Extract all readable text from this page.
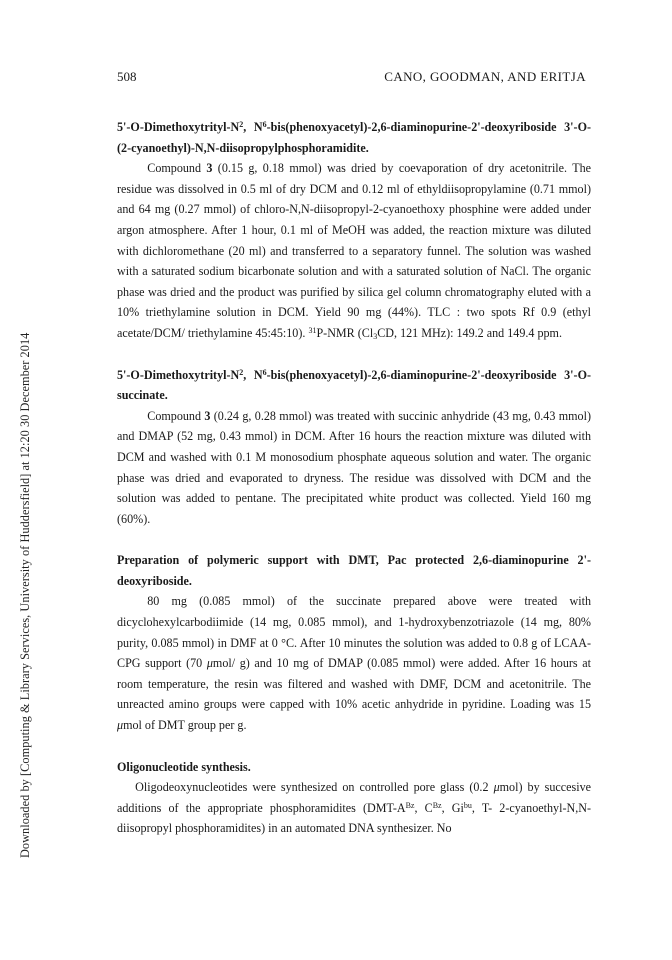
Downloaded by [Computing & Library Services, University of Huddersfield] at 12:20 30 December 2014
508	CANO, GOODMAN, AND ERITJA

$5'-O-Dimethoxytrityl-N^2$, $N^6-bis(phenoxyacetyl)-2,6-diaminopurine-2'$-deoxyriboside 3'-O-(2-cyanoethyl)-N,N-diisopropylphosphoramidite.

Compound 3 (0.15 g, 0.18 mmol) was dried by coevaporation of dry acetonitrile. The residue was dissolved in 0.5 ml of dry DCM and 0.12 ml of ethyldiisopropylamine (0.71 mmol) and 64 mg (0.27 mmol) of chloro-N,N-diisopropyl-2-cyanoethoxy phosphine were added under argon atmosphere. After 1 hour, 0.1 ml of MeOH was added, the reaction mixture was diluted with dichloromethane (20 ml) and transferred to a separatory funnel. The solution was washed with a saturated sodium bicarbonate solution and with a saturated solution of NaCl. The organic phase was dried and the product was purified by silica gel column chromatography eluted with a 10% triethylamine solution in DCM. Yield 90 mg (44%). TLC : two spots Rf 0.9 (ethyl acetate/DCM/ triethylamine 45:45:10). $^{31}$P-NMR ($Cl_3CD$, 121 MHz): 149.2 and 149.4 ppm.

$5'-O-Dimethoxytrityl-N^2$, $N^6-bis(phenoxyacetyl)-2,6-diaminopurine-2'$-deoxyriboside 3'-O-succinate.

Compound 3 (0.24 g, 0.28 mmol) was treated with succinic anhydride (43 mg, 0.43 mmol) and DMAP (52 mg, 0.43 mmol) in DCM. After 16 hours the reaction mixture was diluted with DCM and washed with 0.1 M monosodium phosphate aqueous solution and water. The organic phase was dried and evaporated to dryness. The residue was dissolved with DCM and the solution was added to pentane. The precipitated white product was collected. Yield 160 mg (60%).

Preparation of polymeric support with DMT, Pac protected 2,6-diaminopurine 2'-deoxyriboside.

80 mg (0.085 mmol) of the succinate prepared above were treated with dicyclohexylcarbodiimide (14 mg, 0.085 mmol), and 1-hydroxybenzotriazole (14 mg, 80% purity, 0.085 mmol) in DMF at 0 °C. After 10 minutes the solution was added to 0.8 g of LCAA-CPG support (70 μmol/ g) and 10 mg of DMAP (0.085 mmol) were added. After 16 hours at room temperature, the resin was filtered and washed with DMF, DCM and acetonitrile. The unreacted amino groups were capped with 10% acetic anhydride in pyridine. Loading was 15 μmol of DMT group per g.

Oligonucleotide synthesis.

Oligodeoxynucleotides were synthesized on controlled pore glass (0.2 μmol) by succesive additions of the appropriate phosphoramidites ($DMT-A^{Bz}$, $C^{Bz}$, $Gi^{bu}$, T- 2-cyanoethyl-N,N-diisopropyl phosphoramidites) in an automated DNA synthesizer. No
